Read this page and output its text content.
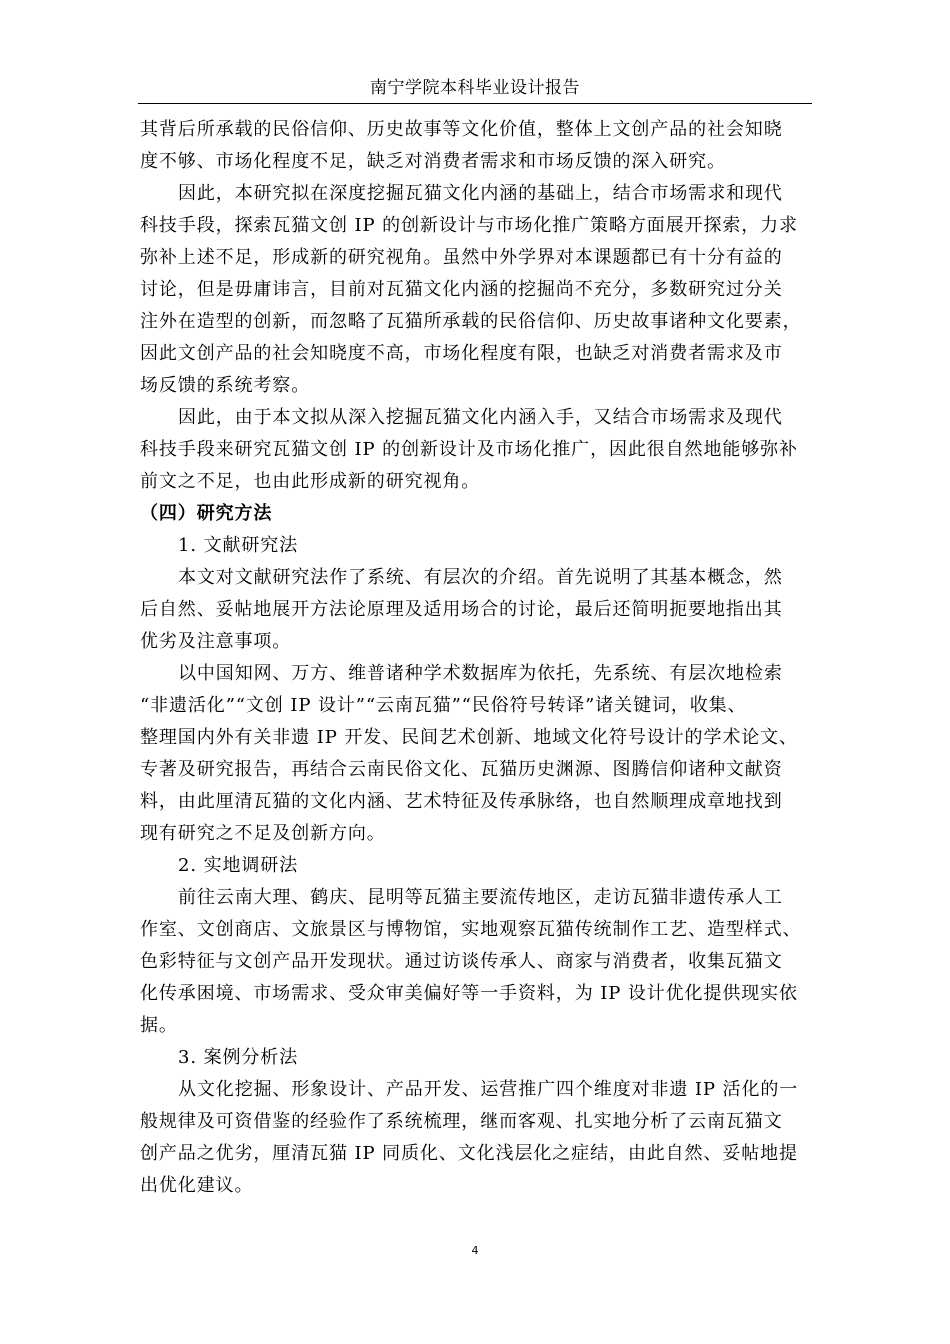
南宁学院本科毕业设计报告
其背后所承载的民俗信仰、历史故事等文化价值，整体上文创产品的社会知晓
度不够、市场化程度不足，缺乏对消费者需求和市场反馈的深入研究。
因此，本研究拟在深度挖掘瓦猫文化内涵的基础上，结合市场需求和现代
科技手段，探索瓦猫文创 IP 的创新设计与市场化推广策略方面展开探索，力求
弥补上述不足，形成新的研究视角。虽然中外学界对本课题都已有十分有益的
讨论，但是毋庸讳言，目前对瓦猫文化内涵的挖掘尚不充分，多数研究过分关
注外在造型的创新，而忽略了瓦猫所承载的民俗信仰、历史故事诸种文化要素，
因此文创产品的社会知晓度不高，市场化程度有限，也缺乏对消费者需求及市
场反馈的系统考察。
因此，由于本文拟从深入挖掘瓦猫文化内涵入手，又结合市场需求及现代
科技手段来研究瓦猫文创 IP 的创新设计及市场化推广，因此很自然地能够弥补
前文之不足，也由此形成新的研究视角。
（四）研究方法
1. 文献研究法
本文对文献研究法作了系统、有层次的介绍。首先说明了其基本概念，然
后自然、妥帖地展开方法论原理及适用场合的讨论，最后还简明扼要地指出其
优劣及注意事项。
以中国知网、万方、维普诸种学术数据库为依托，先系统、有层次地检索
“非遗活化”“文创 IP 设计”“云南瓦猫”“民俗符号转译”诸关键词，收集、
整理国内外有关非遗 IP 开发、民间艺术创新、地域文化符号设计的学术论文、
专著及研究报告，再结合云南民俗文化、瓦猫历史渊源、图腾信仰诸种文献资
料，由此厘清瓦猫的文化内涵、艺术特征及传承脉络，也自然顺理成章地找到
现有研究之不足及创新方向。
2. 实地调研法
前往云南大理、鹤庆、昆明等瓦猫主要流传地区，走访瓦猫非遗传承人工
作室、文创商店、文旅景区与博物馆，实地观察瓦猫传统制作工艺、造型样式、
色彩特征与文创产品开发现状。通过访谈传承人、商家与消费者，收集瓦猫文
化传承困境、市场需求、受众审美偏好等一手资料，为 IP 设计优化提供现实依
据。
3. 案例分析法
从文化挖掘、形象设计、产品开发、运营推广四个维度对非遗 IP 活化的一
般规律及可资借鉴的经验作了系统梳理，继而客观、扎实地分析了云南瓦猫文
创产品之优劣，厘清瓦猫 IP 同质化、文化浅层化之症结，由此自然、妥帖地提
出优化建议。
4
